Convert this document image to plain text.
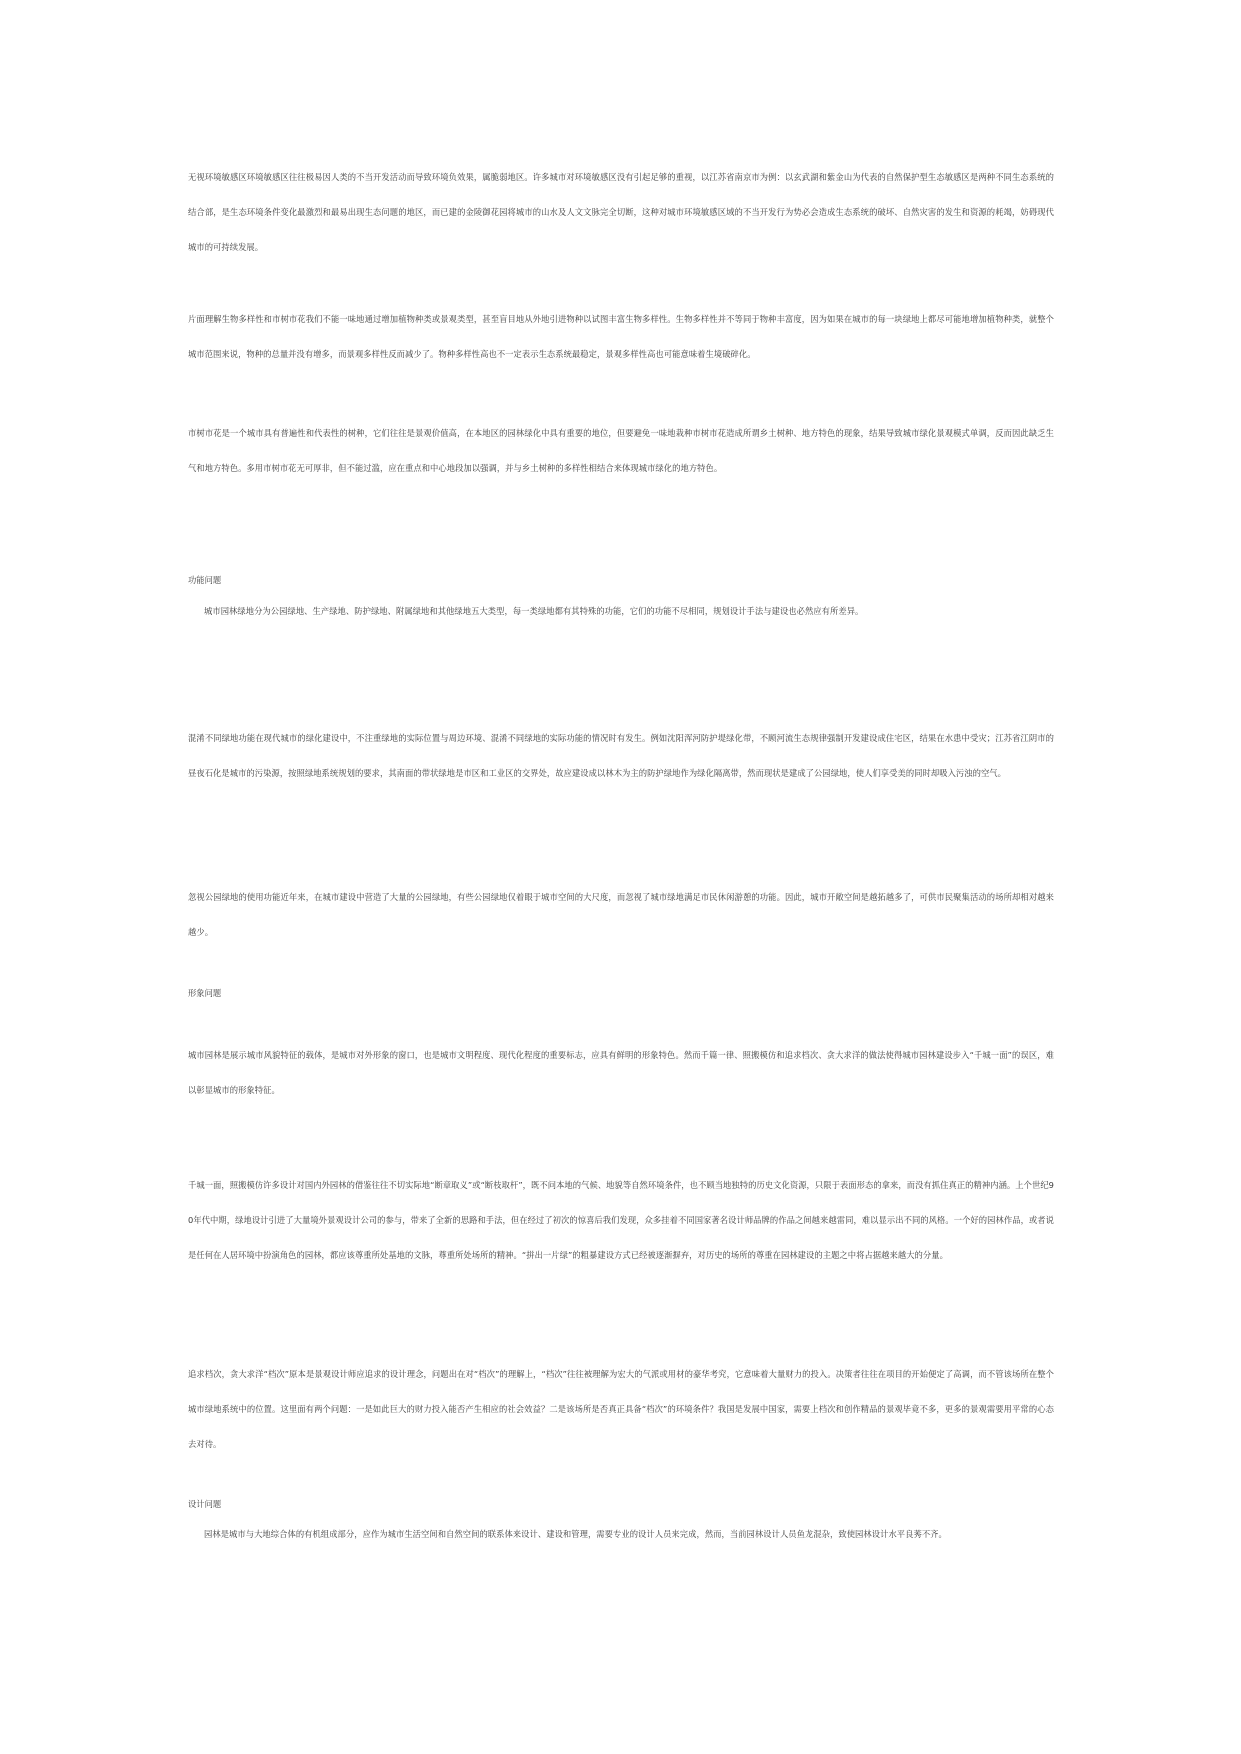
无视环境敏感区环境敏感区往往极易因人类的不当开发活动而导致环境负效果，属脆弱地区。许多城市对环境敏感区没有引起足够的重视，以江苏省南京市为例：以玄武湖和紫金山为代表的自然保护型生态敏感区是两种不同生态系统的结合部，是生态环境条件变化最激烈和最易出现生态问题的地区，而已建的金陵御花园将城市的山水及人文文脉完全切断，这种对城市环境敏感区域的不当开发行为势必会造成生态系统的破坏、自然灾害的发生和资源的耗竭，妨碍现代城市的可持续发展。

片面理解生物多样性和市树市花我们不能一味地通过增加植物种类或景观类型，甚至盲目地从外地引进物种以试图丰富生物多样性。生物多样性并不等同于物种丰富度，因为如果在城市的每一块绿地上都尽可能地增加植物种类，就整个城市范围来说，物种的总量并没有增多，而景观多样性反而减少了。物种多样性高也不一定表示生态系统最稳定，景观多样性高也可能意味着生境破碎化。

市树市花是一个城市具有普遍性和代表性的树种，它们往往是景观价值高，在本地区的园林绿化中具有重要的地位，但要避免一味地栽种市树市花造成所谓乡土树种、地方特色的现象，结果导致城市绿化景观模式单调，反而因此缺乏生气和地方特色。多用市树市花无可厚非，但不能过滥，应在重点和中心地段加以强调，并与乡土树种的多样性相结合来体现城市绿化的地方特色。

功能问题

城市园林绿地分为公园绿地、生产绿地、防护绿地、附属绿地和其他绿地五大类型，每一类绿地都有其特殊的功能，它们的功能不尽相同，规划设计手法与建设也必然应有所差异。

混淆不同绿地功能在现代城市的绿化建设中，不注重绿地的实际位置与周边环境、混淆不同绿地的实际功能的情况时有发生。例如沈阳浑河防护堤绿化带，不顾河流生态规律强制开发建设成住宅区，结果在水患中受灾；江苏省江阴市的昼夜石化是城市的污染源，按照绿地系统规划的要求，其南面的带状绿地是市区和工业区的交界处，故应建设成以林木为主的防护绿地作为绿化隔离带，然而现状是建成了公园绿地，使人们享受美的同时却吸入污浊的空气。

忽视公园绿地的使用功能近年来，在城市建设中营造了大量的公园绿地，有些公园绿地仅着眼于城市空间的大尺度，而忽视了城市绿地满足市民休闲游憩的功能。因此，城市开敞空间是越拓越多了，可供市民聚集活动的场所却相对越来越少。

形象问题

城市园林是展示城市风貌特征的载体，是城市对外形象的窗口，也是城市文明程度、现代化程度的重要标志，应具有鲜明的形象特色。然而千篇一律、照搬模仿和追求档次、贪大求洋的做法使得城市园林建设步入“千城一面”的误区，难以彰显城市的形象特征。

千城一面，照搬模仿许多设计对国内外园林的借鉴往往不切实际地“断章取义”或“断枝取杆”，既不问本地的气候、地貌等自然环境条件，也不顾当地独特的历史文化资源，只限于表面形态的拿来，而没有抓住真正的精神内涵。上个世纪90年代中期，绿地设计引进了大量境外景观设计公司的参与，带来了全新的思路和手法，但在经过了初次的惊喜后我们发现，众多挂着不同国家著名设计师品牌的作品之间越来越雷同，难以显示出不同的风格。一个好的园林作品，或者说是任何在人居环境中扮演角色的园林，都应该尊重所处基地的文脉，尊重所处场所的精神。“拼出一片绿”的粗暴建设方式已经被逐渐摒弃，对历史的场所的尊重在园林建设的主题之中将占据越来越大的分量。

追求档次，贪大求洋“档次”原本是景观设计师应追求的设计理念，问题出在对“档次”的理解上，“档次”往往被理解为宏大的气派或用材的豪华考究，它意味着大量财力的投入。决策者往往在项目的开始便定了高调，而不管该场所在整个城市绿地系统中的位置。这里面有两个问题：一是如此巨大的财力投入能否产生相应的社会效益？二是该场所是否真正具备“档次”的环境条件？我国是发展中国家，需要上档次和创作精品的景观毕竟不多，更多的景观需要用平常的心态去对待。

设计问题

园林是城市与大地综合体的有机组成部分，应作为城市生活空间和自然空间的联系体来设计、建设和管理，需要专业的设计人员来完成，然而，当前园林设计人员鱼龙混杂，致使园林设计水平良莠不齐。
